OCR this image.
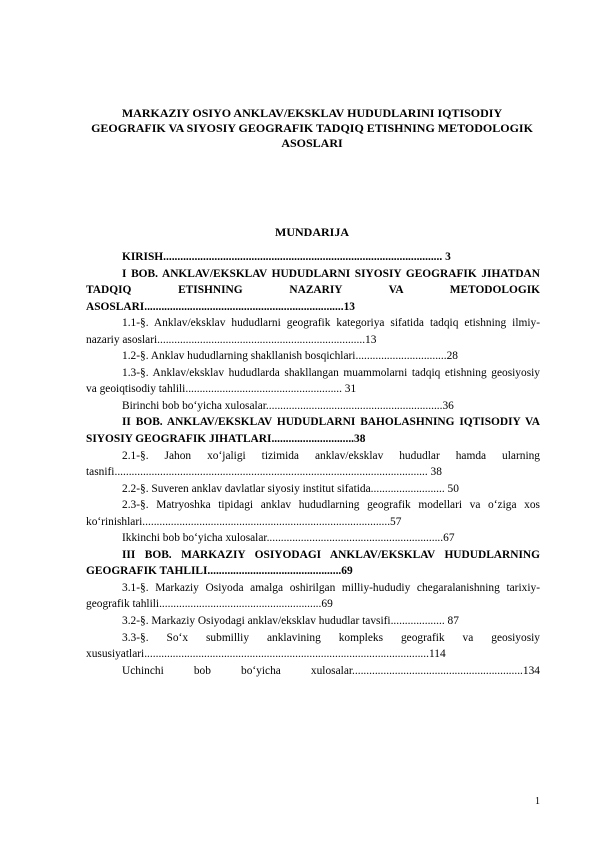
MARKAZIY OSIYO ANKLAV/EKSKLAV HUDUDLARINI IQTISODIY GEOGRAFIK VA SIYOSIY GEOGRAFIK TADQIQ ETISHNING METODOLOGIK ASOSLARI
MUNDARIJA

KIRISH.................................................................................................. 3

I BOB. ANKLAV/EKSKLAV HUDUDLARNI SIYOSIY GEOGRAFIK JIHATDAN TADQIQ ETISHNING NAZARIY VA METODOLOGIK ASOSLARI......................................................................13

1.1-§. Anklav/eksklav hududlarni geografik kategoriya sifatida tadqiq etishning ilmiy-nazariy asoslari.........................................................................13

1.2-§. Anklav hududlarning shakllanish bosqichlari................................28

1.3-§. Anklav/eksklav hududlarda shakllangan muammolarni tadqiq etishning geosiyosiy va geoiqtisodiy tahlili....................................................... 31

Birinchi bob bo‘yicha xulosalar..............................................................36

II BOB. ANKLAV/EKSKLAV HUDUDLARNI BAHOLASHNING IQTISODIY VA SIYOSIY GEOGRAFIK JIHATLARI.............................38

2.1-§. Jahon xo‘jaligi tizimida anklav/eksklav hududlar hamda ularning tasnifi.............................................................................................................. 38

2.2-§. Suveren anklav davlatlar siyosiy institut sifatida.......................... 50

2.3-§. Matryoshka tipidagi anklav hududlarning geografik modellari va o‘ziga xos ko‘rinishlari.......................................................................................57

Ikkinchi bob bo‘yicha xulosalar..............................................................67

III BOB. MARKAZIY OSIYODAGI ANKLAV/EKSKLAV HUDUDLARNING GEOGRAFIK TAHLILI...............................................69

3.1-§. Markaziy Osiyoda amalga oshirilgan milliy-hududiy chegaralanishning tarixiy-geografik tahlili.........................................................69

3.2-§. Markaziy Osiyodagi anklav/eksklav hududlar tavsifi................... 87

3.3-§. So‘x submilliy anklavining kompleks geografik va geosiyosiy xususiyatlari....................................................................................................114

Uchinchi bob bo‘yicha xulosalar............................................................134

1
